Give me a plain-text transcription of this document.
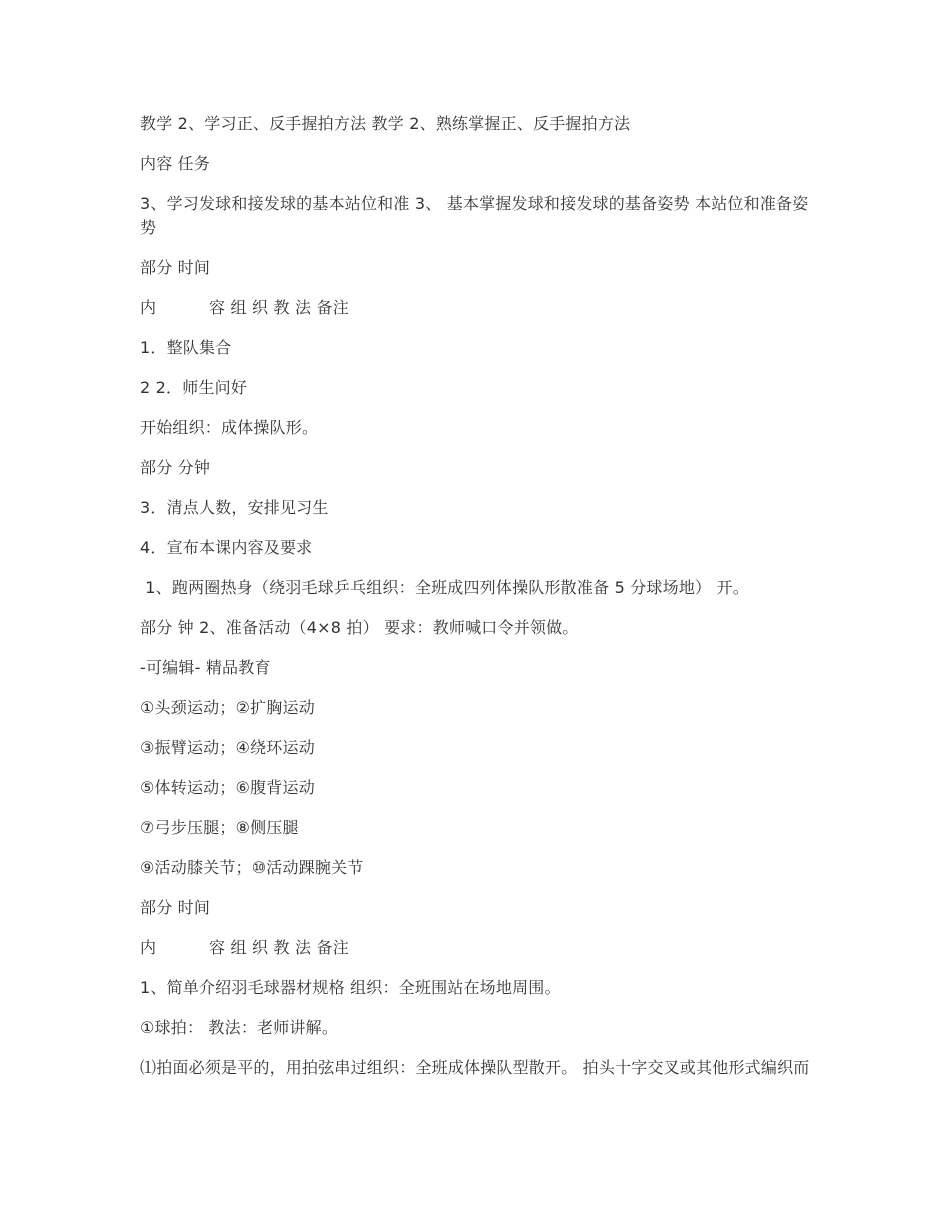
教学 2、学习正、反手握拍方法 教学 2、熟练掌握正、反手握拍方法

内容 任务

3、学习发球和接发球的基本站位和准 3、 基本掌握发球和接发球的基备姿势 本站位和准备姿势

部分 时间

内          容 组 织 教 法 备注

1．整队集合

2 2．师生问好

开始组织：成体操队形。

部分 分钟

3．清点人数，安排见习生

4．宣布本课内容及要求

1、跑两圈热身（绕羽毛球乒乓组织：全班成四列体操队形散准备 5 分球场地） 开。

部分 钟 2、准备活动（4×8 拍） 要求：教师喊口令并领做。

-可编辑- 精品教育

①头颈运动；②扩胸运动

③振臂运动；④绕环运动

⑤体转运动；⑥腹背运动

⑦弓步压腿；⑧侧压腿

⑨活动膝关节；⑩活动踝腕关节

部分 时间

内          容 组 织 教 法 备注

1、简单介绍羽毛球器材规格 组织：全班围站在场地周围。

①球拍： 教法：老师讲解。

⑴拍面必须是平的，用拍弦串过组织：全班成体操队型散开。 拍头十字交叉或其他形式编织而
